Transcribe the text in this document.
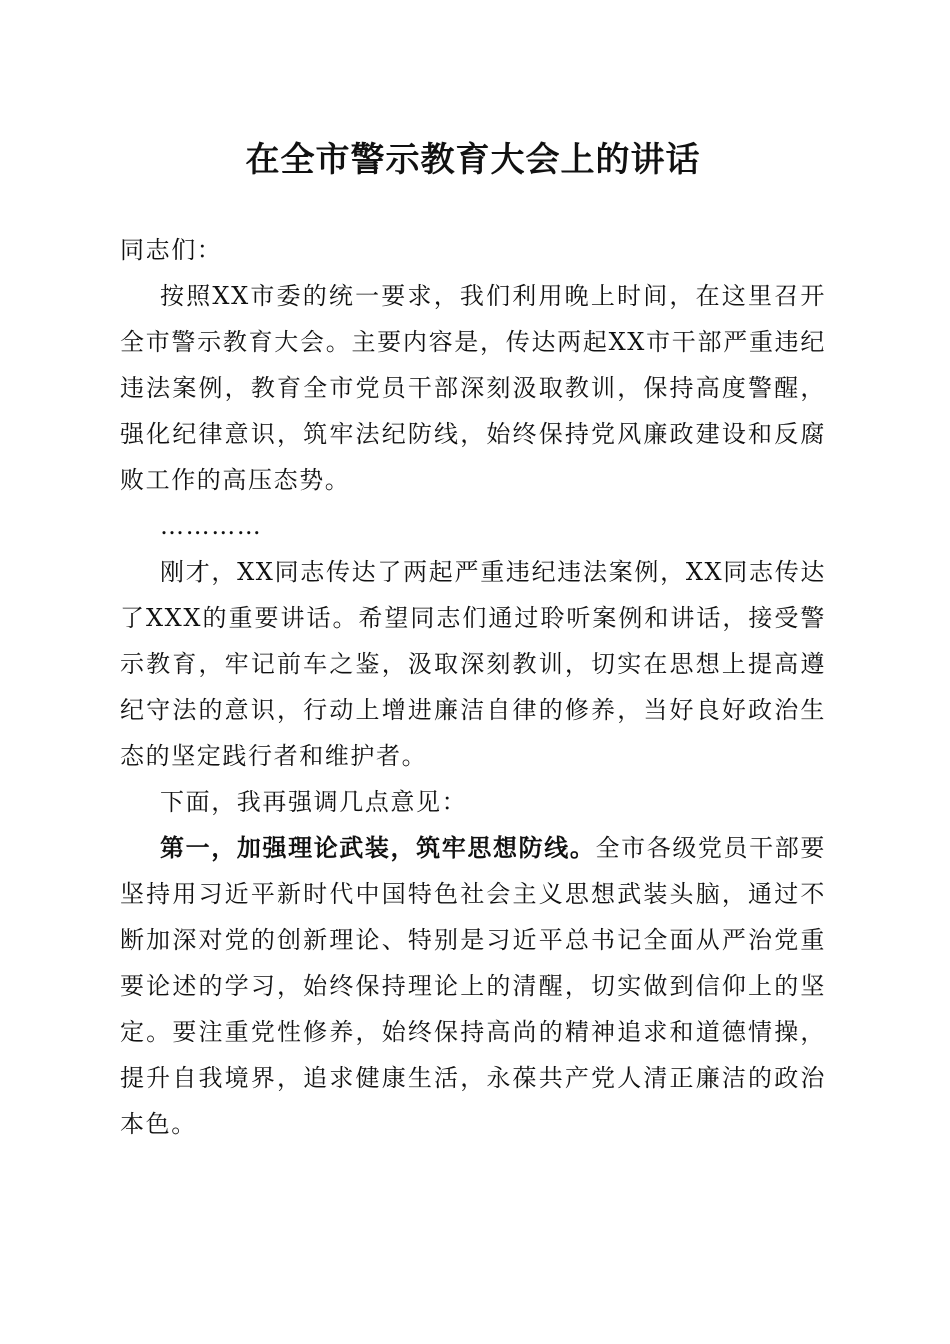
在全市警示教育大会上的讲话

同志们：

按照XX市委的统一要求，我们利用晚上时间，在这里召开全市警示教育大会。主要内容是，传达两起XX市干部严重违纪违法案例，教育全市党员干部深刻汲取教训，保持高度警醒，强化纪律意识，筑牢法纪防线，始终保持党风廉政建设和反腐败工作的高压态势。

…………

刚才，XX同志传达了两起严重违纪违法案例，XX同志传达了XXX的重要讲话。希望同志们通过聆听案例和讲话，接受警示教育，牢记前车之鉴，汲取深刻教训，切实在思想上提高遵纪守法的意识，行动上增进廉洁自律的修养，当好良好政治生态的坚定践行者和维护者。

下面，我再强调几点意见：

第一，加强理论武装，筑牢思想防线。全市各级党员干部要坚持用习近平新时代中国特色社会主义思想武装头脑，通过不断加深对党的创新理论、特别是习近平总书记全面从严治党重要论述的学习，始终保持理论上的清醒，切实做到信仰上的坚定。要注重党性修养，始终保持高尚的精神追求和道德情操，提升自我境界，追求健康生活，永葆共产党人清正廉洁的政治本色。
